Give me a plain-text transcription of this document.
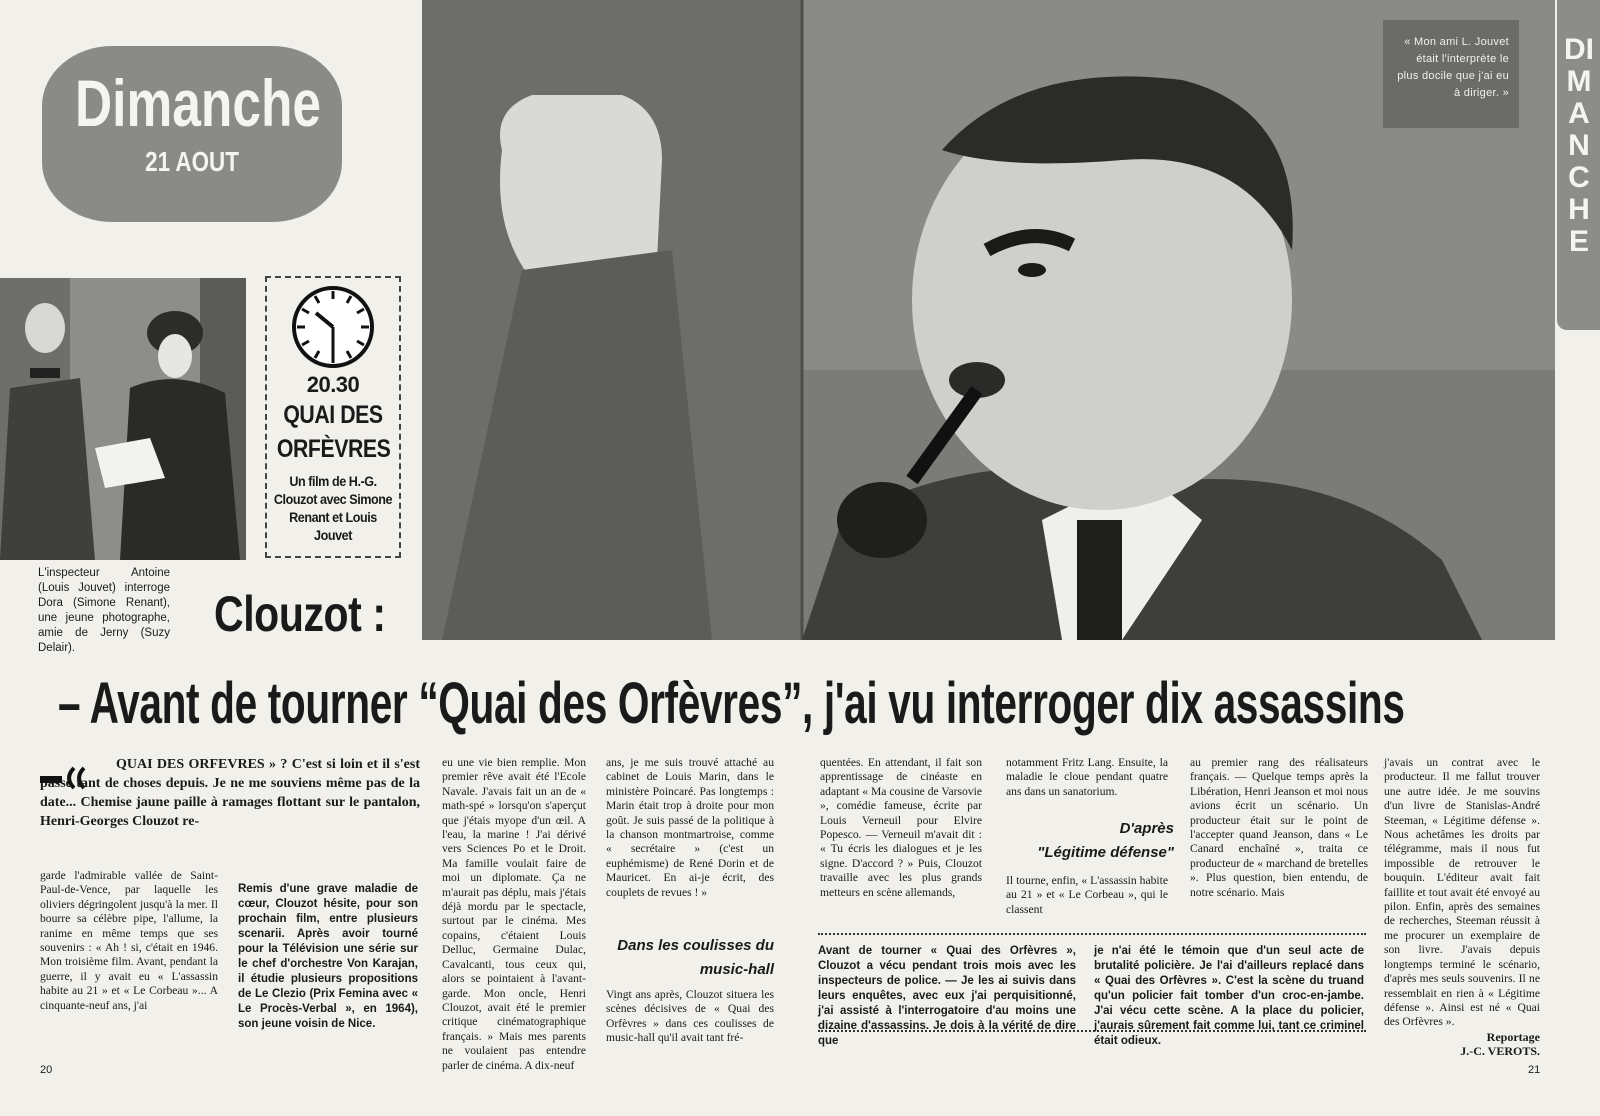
Dimanche
21 AOUT
L'inspecteur Antoine (Louis Jouvet) interroge Dora (Simone Renant), une jeune photographe, amie de Jerny (Suzy Delair).
20.30
QUAI DES ORFÈVRES
Un film de H.-G. Clouzot avec Simone Renant et Louis Jouvet
« Mon ami L. Jouvet était l'interprète le plus docile que j'ai eu à diriger. »
DIMANCHE
Clouzot :
– Avant de tourner “Quai des Orfèvres”, j'ai vu interroger dix assassins
QUAI DES ORFEVRES » ? C'est si loin et il s'est passé tant de choses depuis. Je ne me souviens même pas de la date... Chemise jaune paille à ramages flottant sur le pantalon, Henri-Georges Clouzot re-
garde l'admirable vallée de Saint-Paul-de-Vence, par laquelle les oliviers dégringolent jusqu'à la mer. Il bourre sa célèbre pipe, l'allume, la ranime en même temps que ses souvenirs : « Ah ! si, c'était en 1946. Mon troisième film. Avant, pendant la guerre, il y avait eu « L'assassin habite au 21 » et « Le Corbeau »... A cinquante-neuf ans, j'ai
Remis d'une grave maladie de cœur, Clouzot hésite, pour son prochain film, entre plusieurs scenarii. Après avoir tourné pour la Télévision une série sur le chef d'orchestre Von Karajan, il étudie plusieurs propositions de Le Clezio (Prix Femina avec « Le Procès-Verbal », en 1964), son jeune voisin de Nice.
eu une vie bien remplie. Mon premier rêve avait été l'Ecole Navale. J'avais fait un an de « math-spé » lorsqu'on s'aperçut que j'étais myope d'un œil. A l'eau, la marine ! J'ai dérivé vers Sciences Po et le Droit. Ma famille voulait faire de moi un diplomate. Ça ne m'aurait pas déplu, mais j'étais déjà mordu par le spectacle, surtout par le cinéma. Mes copains, c'étaient Louis Delluc, Germaine Dulac, Cavalcanti, tous ceux qui, alors se pointaient à l'avant-garde. Mon oncle, Henri Clouzot, avait été le premier critique cinématographique français. » Mais mes parents ne voulaient pas entendre parler de cinéma. A dix-neuf
ans, je me suis trouvé attaché au cabinet de Louis Marin, dans le ministère Poincaré. Pas longtemps : Marin était trop à droite pour mon goût. Je suis passé de la politique à la chanson montmartroise, comme « secrétaire » (c'est un euphémisme) de René Dorin et de Mauricet. En ai-je écrit, des couplets de revues ! »
Dans les coulisses du music-hall
Vingt ans après, Clouzot situera les scènes décisives de « Quai des Orfèvres » dans ces coulisses de music-hall qu'il avait tant fré-
quentées. En attendant, il fait son apprentissage de cinéaste en adaptant « Ma cousine de Varsovie », comédie fameuse, écrite par Louis Verneuil pour Elvire Popesco. — Verneuil m'avait dit : « Tu écris les dialogues et je les signe. D'accord ? » Puis, Clouzot travaille avec les plus grands metteurs en scène allemands,
notamment Fritz Lang. Ensuite, la maladie le cloue pendant quatre ans dans un sanatorium.
D'après
"Légitime défense"
Il tourne, enfin, « L'assassin habite au 21 » et « Le Corbeau », qui le classent
au premier rang des réalisateurs français. — Quelque temps après la Libération, Henri Jeanson et moi nous avions écrit un scénario. Un producteur était sur le point de l'accepter quand Jeanson, dans « Le Canard enchaîné », traita ce producteur de « marchand de bretelles ». Plus question, bien entendu, de notre scénario. Mais
j'avais un contrat avec le producteur. Il me fallut trouver une autre idée. Je me souvins d'un livre de Stanislas-André Steeman, « Légitime défense ». Nous achetâmes les droits par télégramme, mais il nous fut impossible de retrouver le bouquin. L'éditeur avait fait faillite et tout avait été envoyé au pilon. Enfin, après des semaines de recherches, Steeman réussit à me procurer un exemplaire de son livre. J'avais depuis longtemps terminé le scénario, d'après mes seuls souvenirs. Il ne ressemblait en rien à « Légitime défense ». Ainsi est né « Quai des Orfèvres ».
Avant de tourner « Quai des Orfèvres », Clouzot a vécu pendant trois mois avec les inspecteurs de police. — Je les ai suivis dans leurs enquêtes, avec eux j'ai perquisitionné, j'ai assisté à l'interrogatoire d'au moins une dizaine d'assassins. Je dois à la vérité de dire que
je n'ai été le témoin que d'un seul acte de brutalité policière. Je l'ai d'ailleurs replacé dans « Quai des Orfèvres ». C'est la scène du truand qu'un policier fait tomber d'un croc-en-jambe. J'ai vécu cette scène. A la place du policier, j'aurais sûrement fait comme lui, tant ce criminel était odieux.	Reportage
J.-C. VEROTS.
20	21
